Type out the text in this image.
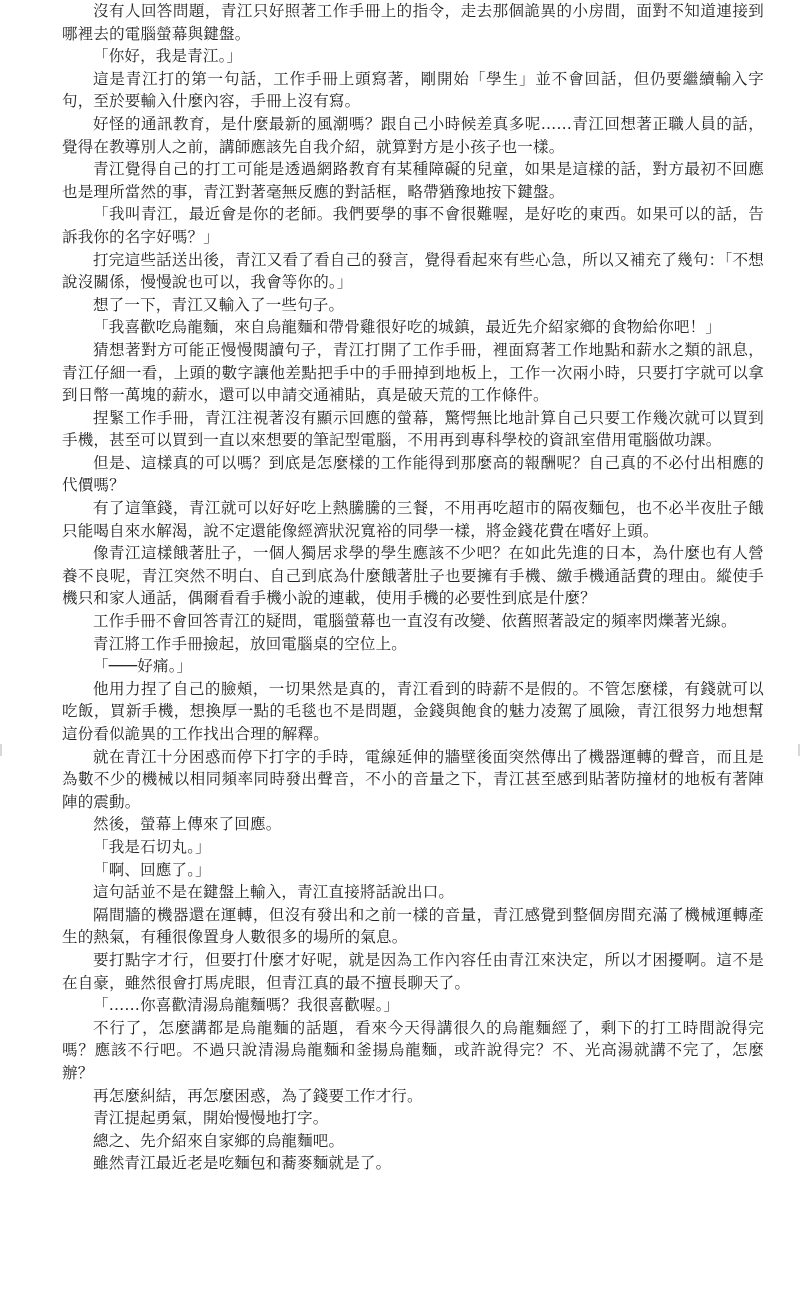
沒有人回答問題，青江只好照著工作手冊上的指令，走去那個詭異的小房間，面對不知道連接到哪裡去的電腦螢幕與鍵盤。

「你好，我是青江。」

這是青江打的第一句話，工作手冊上頭寫著，剛開始「學生」並不會回話，但仍要繼續輸入字句，至於要輸入什麼內容，手冊上沒有寫。

好怪的通訊教育，是什麼最新的風潮嗎？跟自己小時候差真多呢……青江回想著正職人員的話，覺得在教導別人之前，講師應該先自我介紹，就算對方是小孩子也一樣。

青江覺得自己的打工可能是透過網路教育有某種障礙的兒童，如果是這樣的話，對方最初不回應也是理所當然的事，青江對著毫無反應的對話框，略帶猶豫地按下鍵盤。

「我叫青江，最近會是你的老師。我們要學的事不會很難喔，是好吃的東西。如果可以的話，告訴我你的名字好嗎？」

打完這些話送出後，青江又看了看自己的發言，覺得看起來有些心急，所以又補充了幾句：「不想說沒關係，慢慢說也可以，我會等你的。」

想了一下，青江又輸入了一些句子。

「我喜歡吃烏龍麵，來自烏龍麵和帶骨雞很好吃的城鎮，最近先介紹家鄉的食物給你吧！」

猜想著對方可能正慢慢閱讀句子，青江打開了工作手冊，裡面寫著工作地點和薪水之類的訊息，青江仔細一看，上頭的數字讓他差點把手中的手冊掉到地板上，工作一次兩小時，只要打字就可以拿到日幣一萬塊的薪水，還可以申請交通補貼，真是破天荒的工作條件。

捏緊工作手冊，青江注視著沒有顯示回應的螢幕，驚愕無比地計算自己只要工作幾次就可以買到手機，甚至可以買到一直以來想要的筆記型電腦，不用再到專科學校的資訊室借用電腦做功課。

但是、這樣真的可以嗎？到底是怎麼樣的工作能得到那麼高的報酬呢？自己真的不必付出相應的代價嗎？

有了這筆錢，青江就可以好好吃上熱騰騰的三餐，不用再吃超市的隔夜麵包，也不必半夜肚子餓只能喝自來水解渴，說不定還能像經濟狀況寬裕的同學一樣，將金錢花費在嗜好上頭。

像青江這樣餓著肚子，一個人獨居求學的學生應該不少吧？在如此先進的日本，為什麼也有人營養不良呢，青江突然不明白、自己到底為什麼餓著肚子也要擁有手機、繳手機通話費的理由。縱使手機只和家人通話，偶爾看看手機小說的連載，使用手機的必要性到底是什麼？

工作手冊不會回答青江的疑問，電腦螢幕也一直沒有改變、依舊照著設定的頻率閃爍著光線。

青江將工作手冊撿起，放回電腦桌的空位上。

「───好痛。」

他用力捏了自己的臉頰，一切果然是真的，青江看到的時薪不是假的。不管怎麼樣，有錢就可以吃飯，買新手機，想換厚一點的毛毯也不是問題，金錢與飽食的魅力凌駕了風險，青江很努力地想幫這份看似詭異的工作找出合理的解釋。

就在青江十分困惑而停下打字的手時，電線延伸的牆壁後面突然傳出了機器運轉的聲音，而且是為數不少的機械以相同頻率同時發出聲音，不小的音量之下，青江甚至感到貼著防撞材的地板有著陣陣的震動。

然後，螢幕上傳來了回應。

「我是石切丸。」

「啊、回應了。」

這句話並不是在鍵盤上輸入，青江直接將話說出口。

隔間牆的機器還在運轉，但沒有發出和之前一樣的音量，青江感覺到整個房間充滿了機械運轉產生的熱氣，有種很像置身人數很多的場所的氣息。

要打點字才行，但要打什麼才好呢，就是因為工作內容任由青江來決定，所以才困擾啊。這不是在自豪，雖然很會打馬虎眼，但青江真的最不擅長聊天了。

「……你喜歡清湯烏龍麵嗎？我很喜歡喔。」

不行了，怎麼講都是烏龍麵的話題，看來今天得講很久的烏龍麵經了，剩下的打工時間說得完嗎？應該不行吧。不過只說清湯烏龍麵和釜揚烏龍麵，或許說得完？不、光高湯就講不完了，怎麼辦？

再怎麼糾結，再怎麼困惑，為了錢要工作才行。

青江提起勇氣，開始慢慢地打字。

總之、先介紹來自家鄉的烏龍麵吧。

雖然青江最近老是吃麵包和蕎麥麵就是了。
